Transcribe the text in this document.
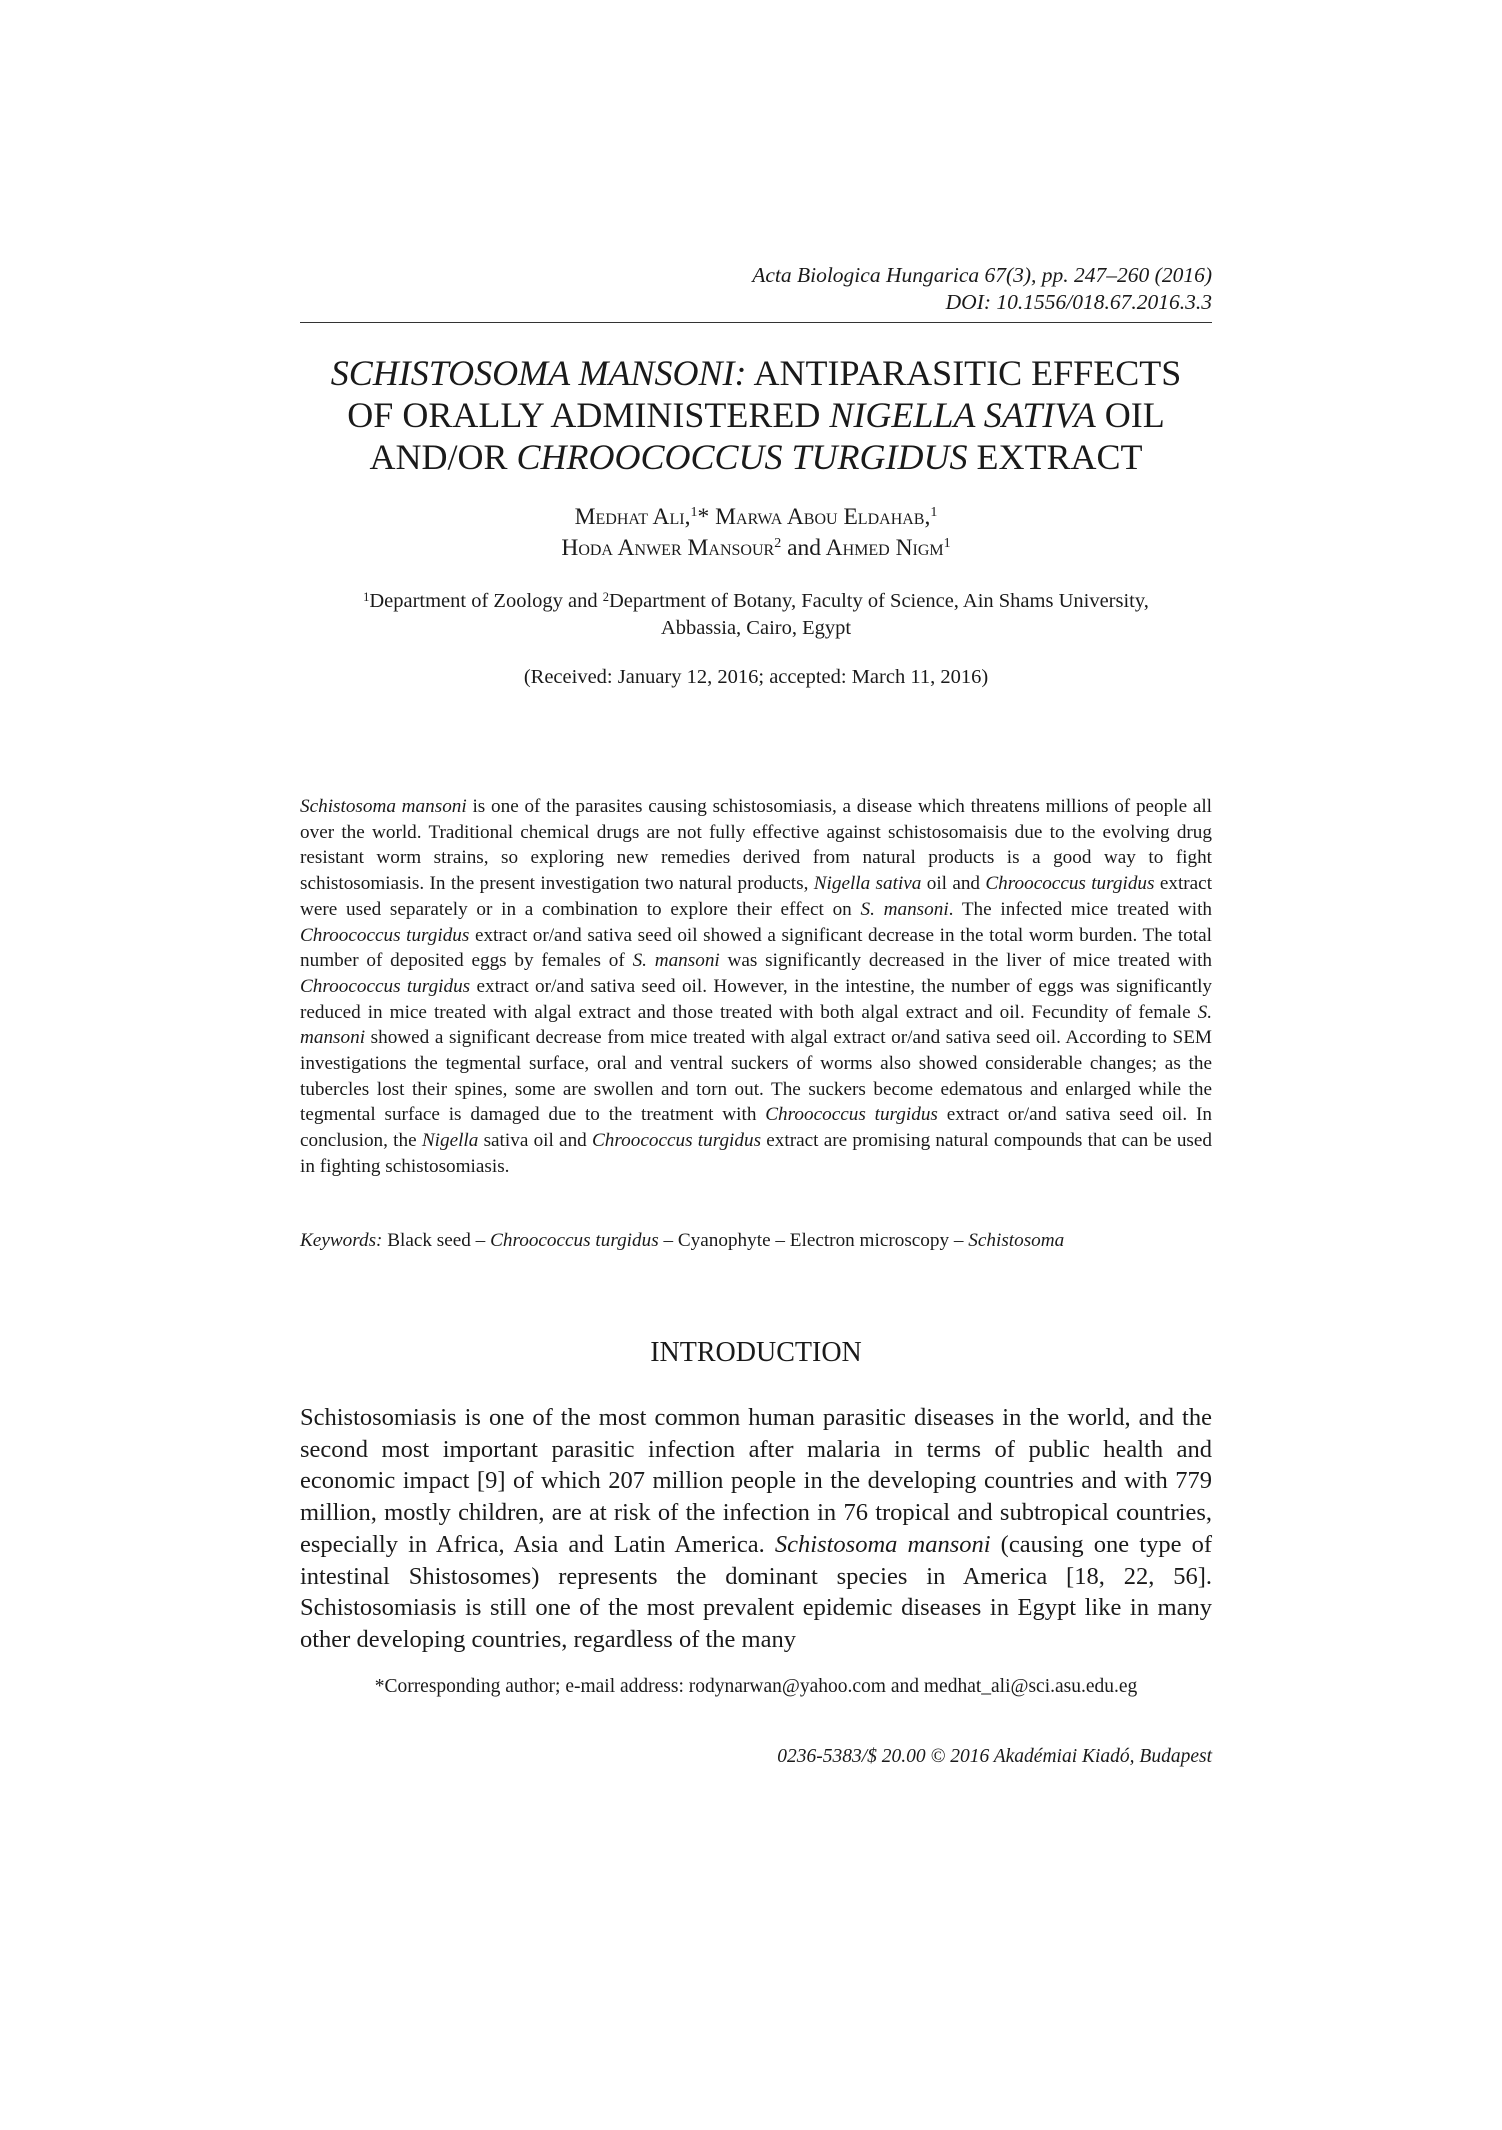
Acta Biologica Hungarica 67(3), pp. 247–260 (2016)
DOI: 10.1556/018.67.2016.3.3
SCHISTOSOMA MANSONI: ANTIPARASITIC EFFECTS
OF ORALLY ADMINISTERED NIGELLA SATIVA OIL
AND/OR CHROOCOCCUS TURGIDUS EXTRACT
Medhat Ali,$^1$* Marwa Abou Eldahab,$^1$
Hoda Anwer Mansour$^2$ and Ahmed Nigm$^1$
$^1$Department of Zoology and $^2$Department of Botany, Faculty of Science, Ain Shams University,
Abbassia, Cairo, Egypt
(Received: January 12, 2016; accepted: March 11, 2016)

Schistosoma mansoni is one of the parasites causing schistosomiasis, a disease which threatens millions of people all over the world. Traditional chemical drugs are not fully effective against schistosomaisis due to the evolving drug resistant worm strains, so exploring new remedies derived from natural products is a good way to fight schistosomiasis. In the present investigation two natural products, Nigella sativa oil and Chroococcus turgidus extract were used separately or in a combination to explore their effect on S. mansoni. The infected mice treated with Chroococcus turgidus extract or/and sativa seed oil showed a significant decrease in the total worm burden. The total number of deposited eggs by females of S. mansoni was significantly decreased in the liver of mice treated with Chroococcus turgidus extract or/and sativa seed oil. However, in the intestine, the number of eggs was significantly reduced in mice treated with algal extract and those treated with both algal extract and oil. Fecundity of female S. mansoni showed a significant decrease from mice treated with algal extract or/and sativa seed oil. According to SEM investigations the tegmental surface, oral and ventral suckers of worms also showed considerable changes; as the tubercles lost their spines, some are swollen and torn out. The suckers become edematous and enlarged while the tegmental surface is damaged due to the treatment with Chroococcus turgidus extract or/and sativa seed oil. In conclusion, the Nigella sativa oil and Chroococcus turgidus extract are promising natural compounds that can be used in fighting schistosomiasis.

Keywords: Black seed – Chroococcus turgidus – Cyanophyte – Electron microscopy – Schistosoma
INTRODUCTION

Schistosomiasis is one of the most common human parasitic diseases in the world, and the second most important parasitic infection after malaria in terms of public health and economic impact [9] of which 207 million people in the developing countries and with 779 million, mostly children, are at risk of the infection in 76 tropical and subtropical countries, especially in Africa, Asia and Latin America. Schistosoma mansoni (causing one type of intestinal Shistosomes) represents the dominant species in America [18, 22, 56]. Schistosomiasis is still one of the most prevalent epidemic diseases in Egypt like in many other developing countries, regardless of the many

*Corresponding author; e-mail address: rodynarwan@yahoo.com and medhat_ali@sci.asu.edu.eg
0236-5383/$ 20.00 © 2016 Akadémiai Kiadó, Budapest
